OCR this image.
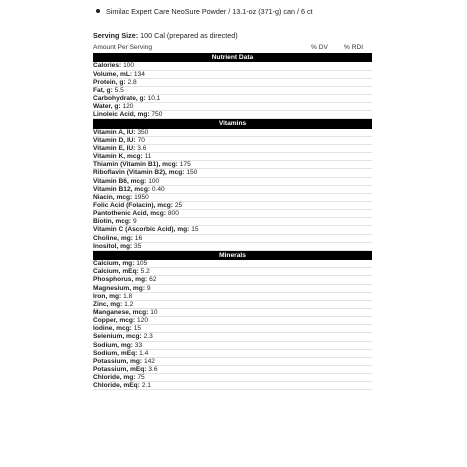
Similac Expert Care NeoSure Powder / 13.1-oz (371-g) can / 6 ct
Serving Size: 100 Cal (prepared as directed)
Amount Per Serving	% DV % RDI
Nutrient Data
Calories: 100
Volume, mL: 134
Protein, g: 2.8
Fat, g: 5.5
Carbohydrate, g: 10.1
Water, g: 120
Linoleic Acid, mg: 750
Vitamins
Vitamin A, IU: 350
Vitamin D, IU: 70
Vitamin E, IU: 3.6
Vitamin K, mcg: 11
Thiamin (Vitamin B1), mcg: 175
Riboflavin (Vitamin B2), mcg: 150
Vitamin B6, mcg: 100
Vitamin B12, mcg: 0.40
Niacin, mcg: 1950
Folic Acid (Folacin), mcg: 25
Pantothenic Acid, mcg: 800
Biotin, mcg: 9
Vitamin C (Ascorbic Acid), mg: 15
Choline, mg: 16
Inositol, mg: 35
Minerals
Calcium, mg: 105
Calcium, mEq: 5.2
Phosphorus, mg: 62
Magnesium, mg: 9
Iron, mg: 1.8
Zinc, mg: 1.2
Manganese, mcg: 10
Copper, mcg: 120
Iodine, mcg: 15
Selenium, mcg: 2.3
Sodium, mg: 33
Sodium, mEq: 1.4
Potassium, mg: 142
Potassium, mEq: 3.6
Chloride, mg: 75
Chloride, mEq: 2.1
